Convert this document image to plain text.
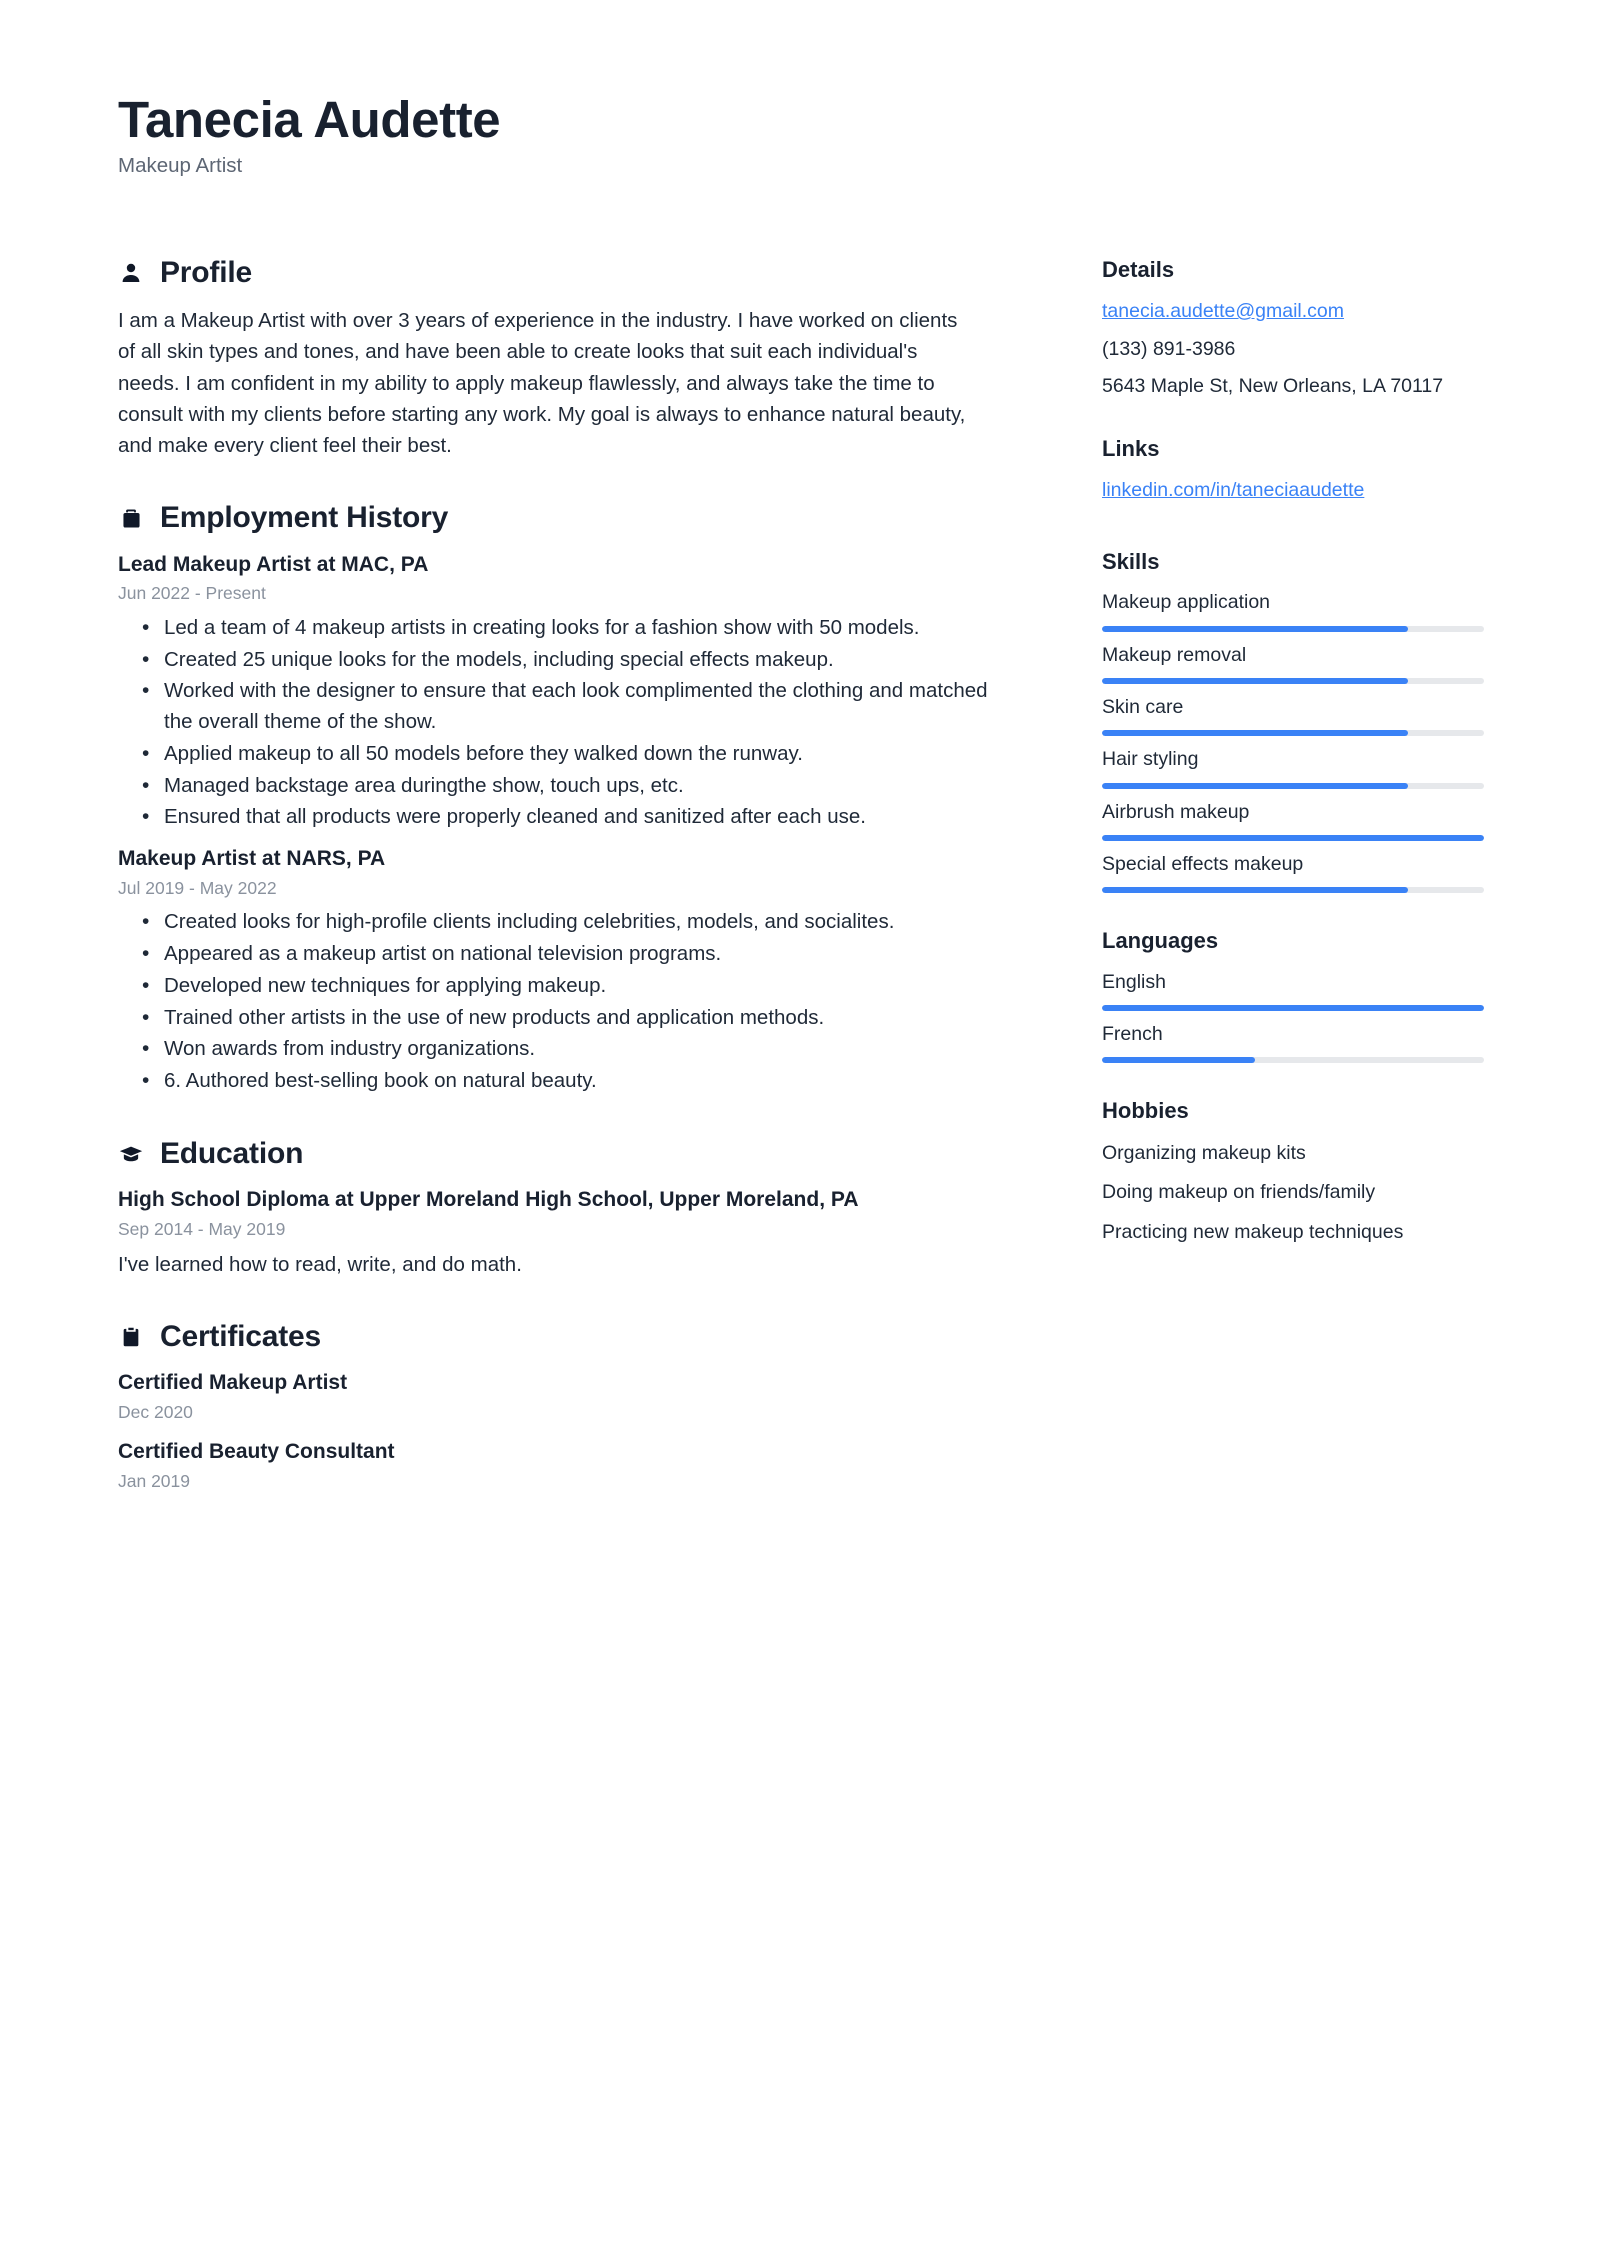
Tanecia Audette
Makeup Artist
Profile

I am a Makeup Artist with over 3 years of experience in the industry. I have worked on clients of all skin types and tones, and have been able to create looks that suit each individual's needs. I am confident in my ability to apply makeup flawlessly, and always take the time to consult with my clients before starting any work. My goal is always to enhance natural beauty, and make every client feel their best.

Employment History
Lead Makeup Artist at MAC, PA
Jun 2022 - Present
• Led a team of 4 makeup artists in creating looks for a fashion show with 50 models.
• Created 25 unique looks for the models, including special effects makeup.
• Worked with the designer to ensure that each look complimented the clothing and matched the overall theme of the show.
• Applied makeup to all 50 models before they walked down the runway.
• Managed backstage area duringthe show, touch ups, etc.
• Ensured that all products were properly cleaned and sanitized after each use.
Makeup Artist at NARS, PA
Jul 2019 - May 2022
• Created looks for high-profile clients including celebrities, models, and socialites.
• Appeared as a makeup artist on national television programs.
• Developed new techniques for applying makeup.
• Trained other artists in the use of new products and application methods.
• Won awards from industry organizations.
• 6. Authored best-selling book on natural beauty.
Education
High School Diploma at Upper Moreland High School, Upper Moreland, PA
Sep 2014 - May 2019

I've learned how to read, write, and do math.

Certificates
Certified Makeup Artist
Dec 2020
Certified Beauty Consultant
Jan 2019
Details
tanecia.audette@gmail.com
(133) 891-3986
5643 Maple St, New Orleans, LA 70117
Links
linkedin.com/in/taneciaaudette
Skills
Makeup application
Makeup removal
Skin care
Hair styling
Airbrush makeup
Special effects makeup
Languages
English
French
Hobbies
Organizing makeup kits
Doing makeup on friends/family
Practicing new makeup techniques
